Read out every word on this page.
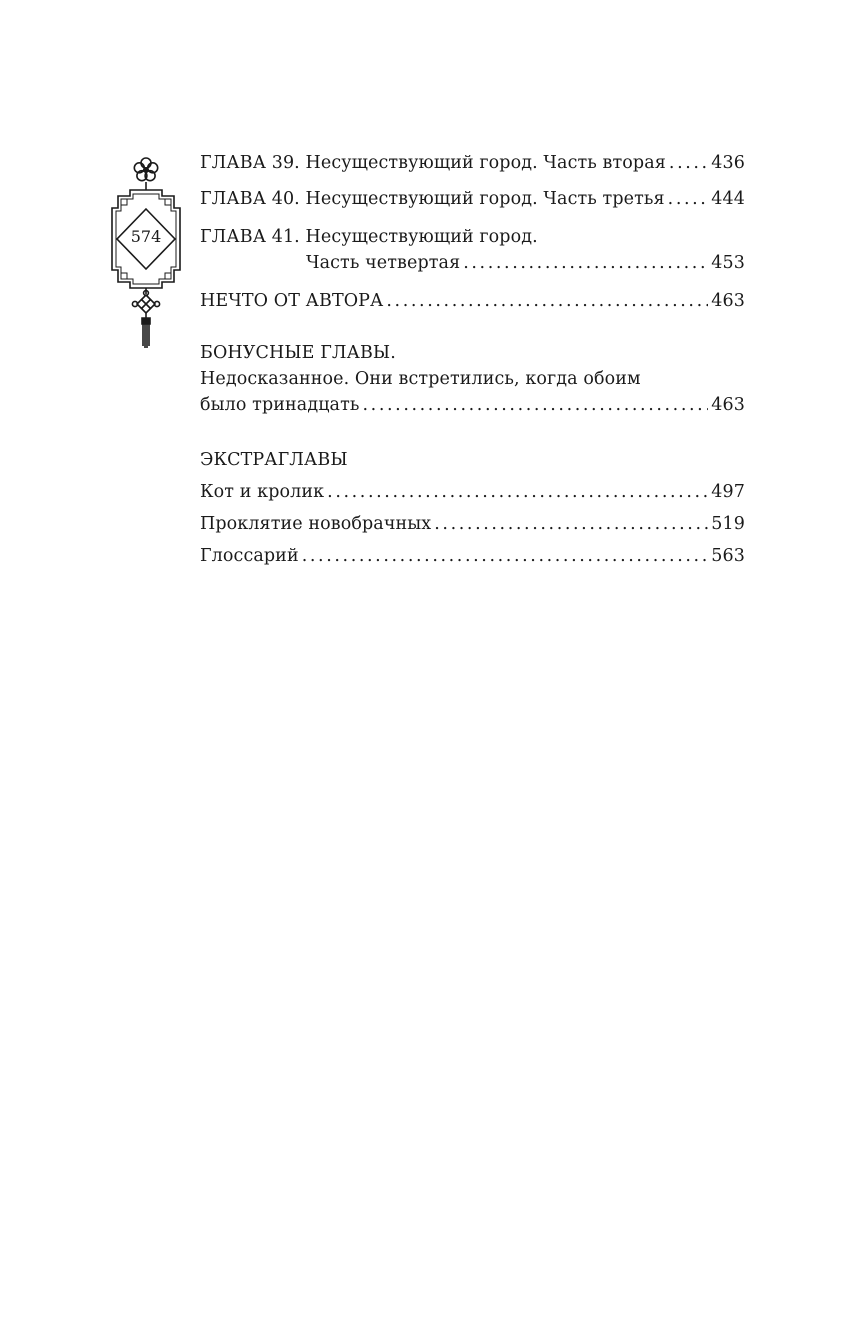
574
ГЛАВА 39. Несуществующий город. Часть вторая .....	436
ГЛАВА 40. Несуществующий город. Часть третья .....	444
ГЛАВА 41. Несуществующий город.
Часть четвертая .....	453
НЕЧТО ОТ АВТОРА .....	463
БОНУСНЫЕ ГЛАВЫ.
Недосказанное. Они встретились, когда обоим
было тринадцать .....	463
ЭКСТРАГЛАВЫ
Кот и кролик .....	497
Проклятие новобрачных .....	519
Глоссарий .....	563
